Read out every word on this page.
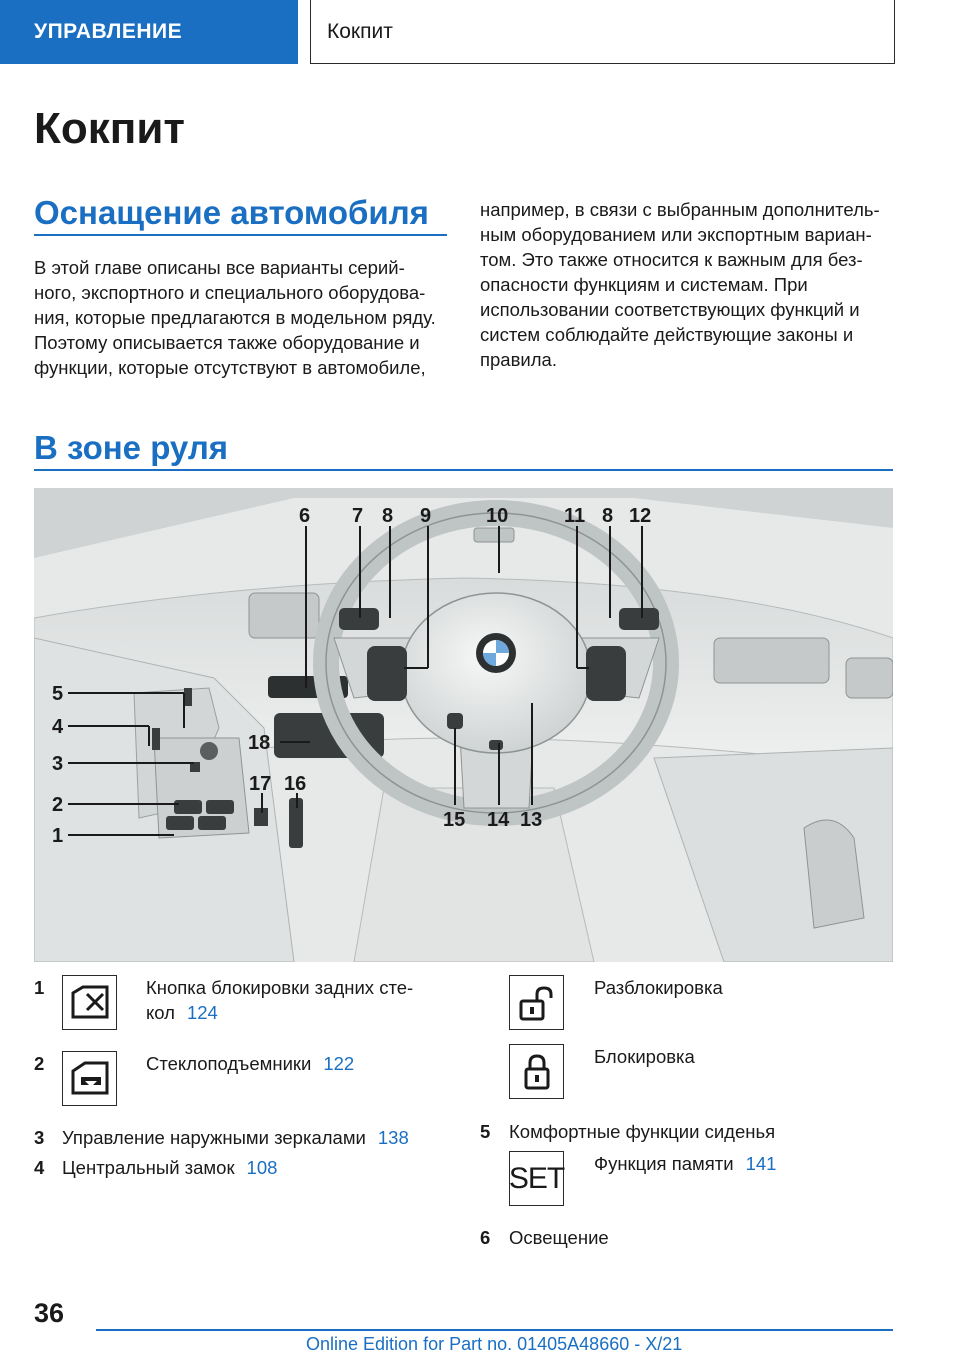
УПРАВЛЕНИЕ	Кокпит
Кокпит
Оснащение автомобиля
В этой главе описаны все варианты серий-
ного, экспортного и специального оборудова-
ния, которые предлагаются в модельном ряду.
Поэтому описывается также оборудование и
функции, которые отсутствуют в автомобиле,
например, в связи с выбранным дополнитель-
ным оборудованием или экспортным вариан-
том. Это также относится к важным для без-
опасности функциям и системам. При
использовании соответствующих функций и
систем соблюдайте действующие законы и
правила.
В зоне руля
5
4
3
2
1
6 7 8 9	10	11 8 12
13
14
15
16
17
18
1	Кнопка блокировки задних сте-
кол 124
2	Стеклоподъемники 122
3 Управление наружными зеркалами 138
4 Центральный замок 108
Разблокировка
Блокировка
5 Комфортные функции сиденья
SET Функция памяти 141
6 Освещение
36
Online Edition for Part no. 01405A48660 - X/21
